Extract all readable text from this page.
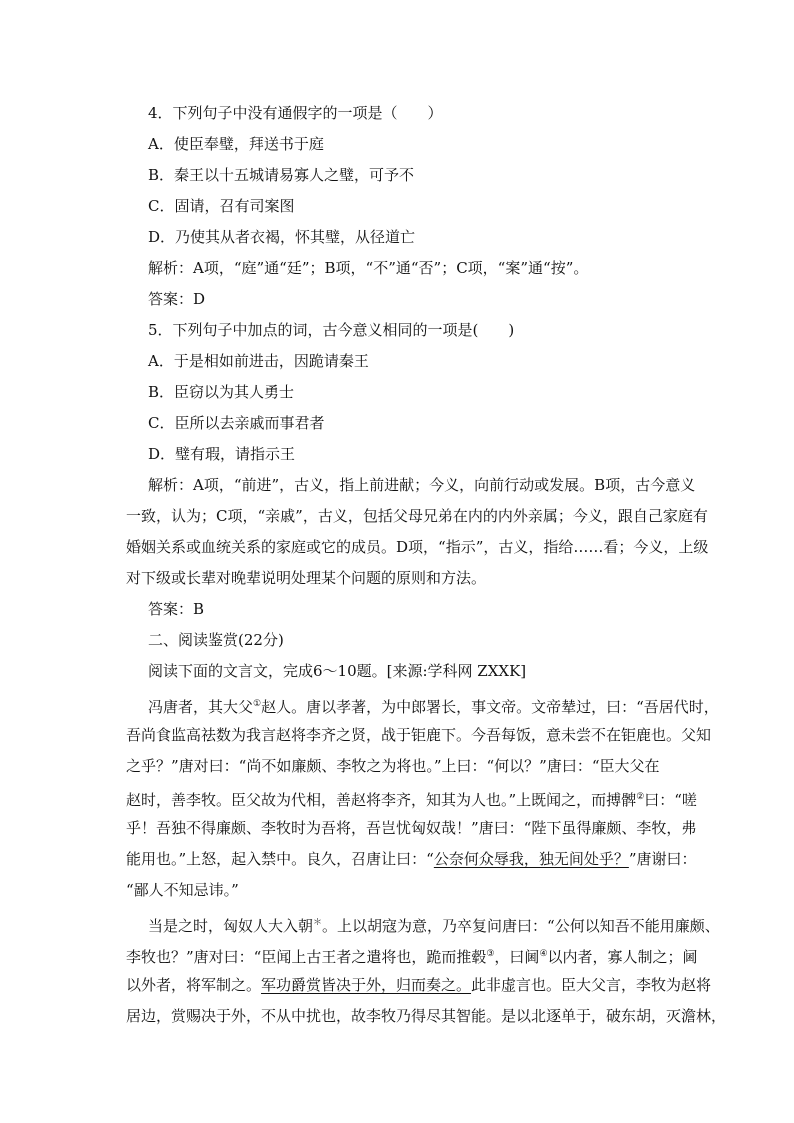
4．下列句子中没有通假字的一项是（　　）
A．使臣奉璧，拜送书于庭
B．秦王以十五城请易寡人之璧，可予不
C．固请，召有司案图
D．乃使其从者衣褐，怀其璧，从径道亡
解析：A项，“庭”通“廷”；B项，“不”通“否”；C项，“案”通“按”。
答案：D
5．下列句子中加点的词，古今意义相同的一项是(　　)
A．于是相如前进击，因跪请秦王
B．臣窃以为其人勇士
C．臣所以去亲戚而事君者
D．璧有瑕，请指示王
解析：A项，“前进”，古义，指上前进献；今义，向前行动或发展。B项，古今意义
一致，认为；C项，“亲戚”，古义，包括父母兄弟在内的内外亲属；今义，跟自己家庭有
婚姻关系或血统关系的家庭或它的成员。D项，“指示”，古义，指给……看；今义，上级
对下级或长辈对晚辈说明处理某个问题的原则和方法。
答案：B
二、阅读鉴赏(22分)
阅读下面的文言文，完成6～10题。[来源:学科网 ZXXK]
冯唐者，其大父①赵人。唐以孝著，为中郎署长，事文帝。文帝辇过，曰：“吾居代时，
吾尚食监高祛数为我言赵将李齐之贤，战于钜鹿下。今吾每饭，意未尝不在钜鹿也。父知
之乎？”唐对曰：“尚不如廉颇、李牧之为将也。”上曰：“何以？”唐曰：“臣大父在
赵时，善李牧。臣父故为代相，善赵将李齐，知其为人也。”上既闻之，而搏髀②曰：“嗟
乎！吾独不得廉颇、李牧时为吾将，吾岂忧匈奴哉！”唐曰：“陛下虽得廉颇、李牧，弗
能用也。”上怒，起入禁中。良久，召唐让曰：“公奈何众辱我，独无间处乎？”唐谢曰：
“鄙人不知忌讳。”
当是之时，匈奴人大入朝＊。上以胡寇为意，乃卒复问唐曰：“公何以知吾不能用廉颇、
李牧也？”唐对曰：“臣闻上古王者之遣将也，跪而推毂③，曰阃④以内者，寡人制之；阃
以外者，将军制之。军功爵赏皆决于外，归而奏之。此非虚言也。臣大父言，李牧为赵将
居边，赏赐决于外，不从中扰也，故李牧乃得尽其智能。是以北逐单于，破东胡，灭澹林，
